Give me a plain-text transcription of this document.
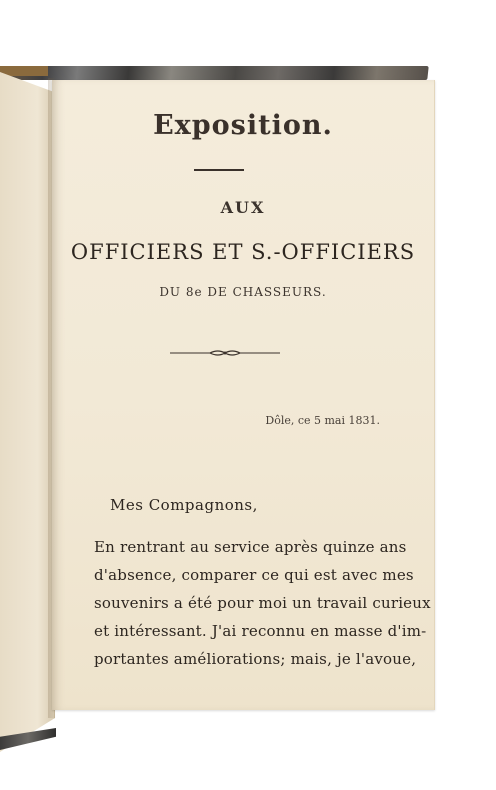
Exposition.
AUX
OFFICIERS ET S.-OFFICIERS
DU 8e DE CHASSEURS.
Dôle, ce 5 mai 1831.
Mes Compagnons,
En rentrant au service après quinze ans
d'absence, comparer ce qui est avec mes
souvenirs a été pour moi un travail curieux
et intéressant. J'ai reconnu en masse d'im-
portantes améliorations; mais, je l'avoue,
